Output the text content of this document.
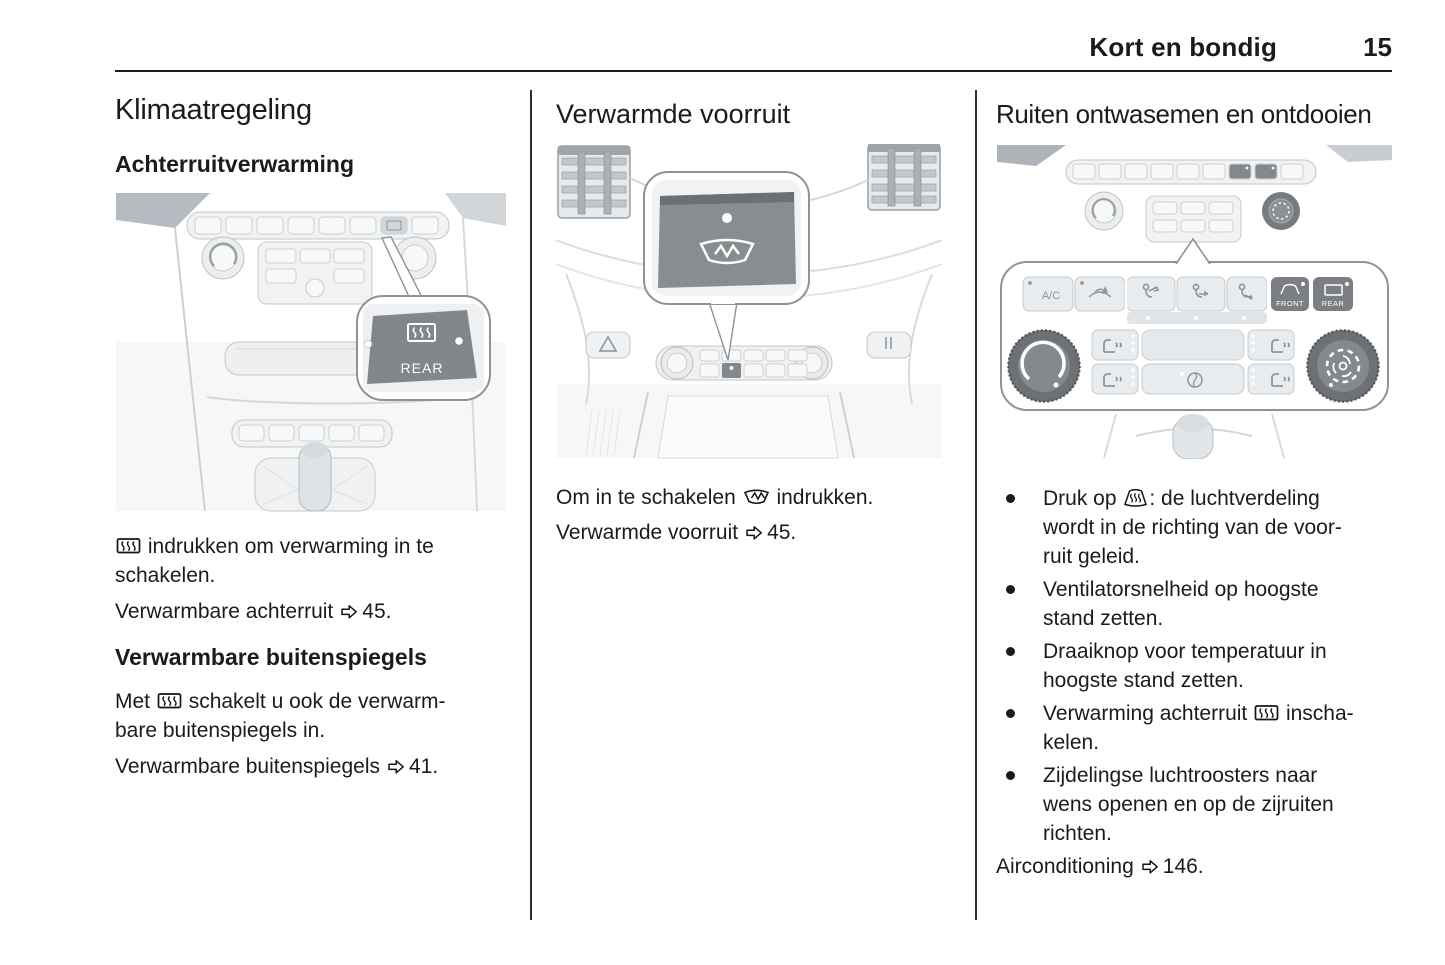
Kort en bondig	15
Klimaatregeling
Achterruitverwarming
REAR

indrukken om verwarming in te schakelen.

Verwarmbare achterruit 45.

Verwarmbare buitenspiegels

Met schakelt u ook de verwarm-
bare buitenspiegels in.

Verwarmbare buitenspiegels 41.

Verwarmde voorruit

Om in te schakelen indrukken.

Verwarmde voorruit 45.

Ruiten ontwasemen en ontdooien
A/C
FRONT REAR
Druk op : de luchtverdeling
wordt in de richting van de voor-
ruit geleid.
Ventilatorsnelheid op hoogste
stand zetten.
Draaiknop voor temperatuur in
hoogste stand zetten.
Verwarming achterruit inscha-
kelen.
Zijdelingse luchtroosters naar
wens openen en op de zijruiten
richten.

Airconditioning 146.
